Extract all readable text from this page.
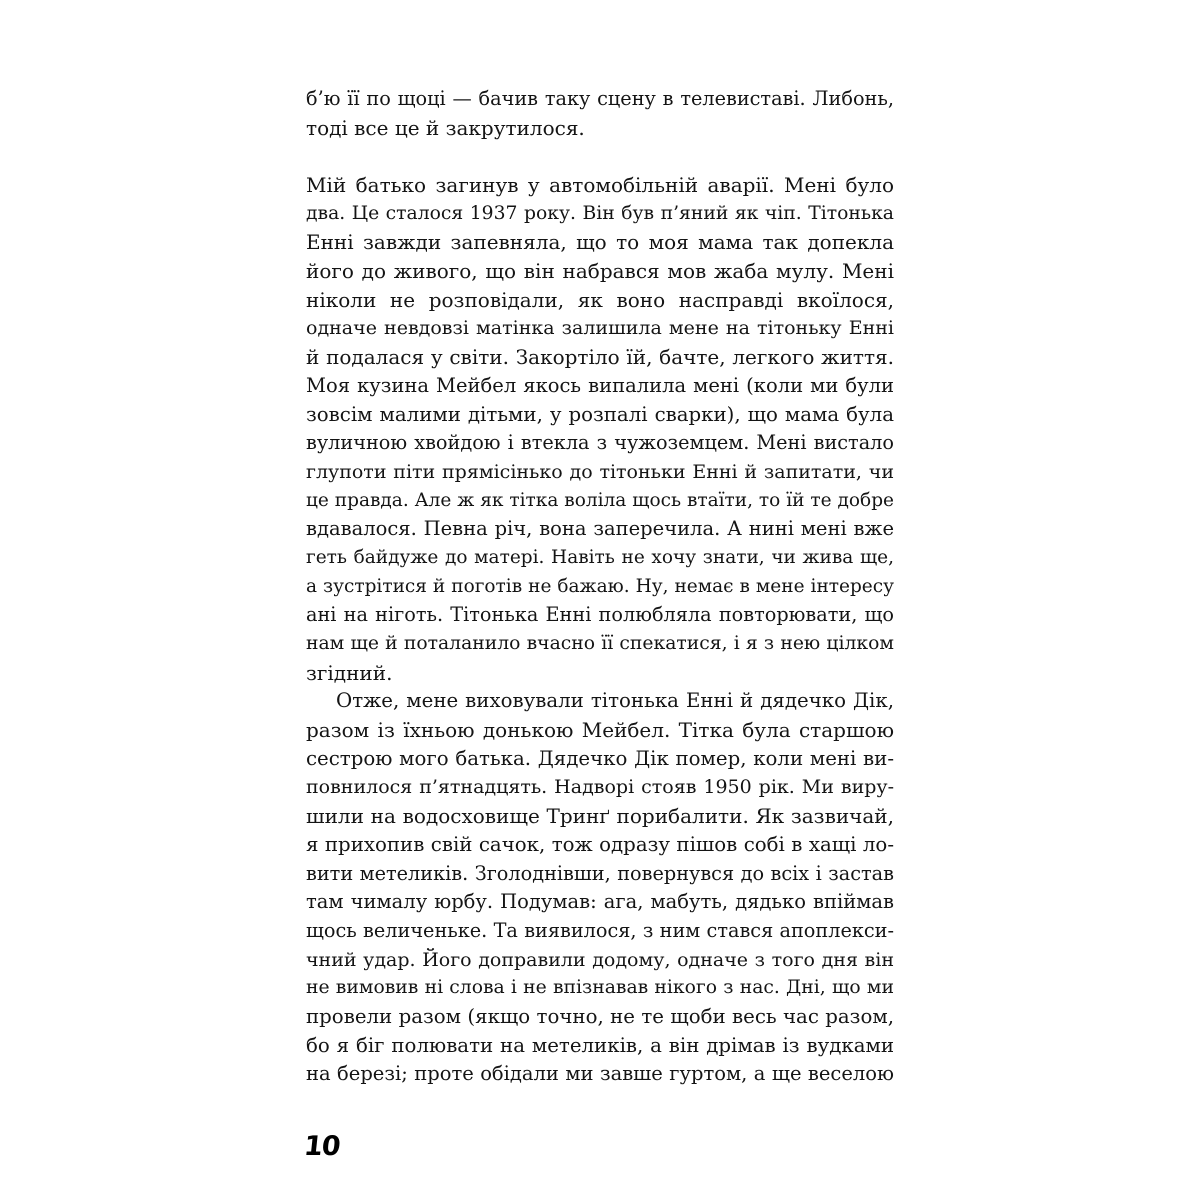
б’ю її по щоці — бачив таку сцену в телевиставі. Либонь,
тоді все це й закрутилося.
Мій батько загинув у автомобільній аварії. Мені було
два. Це сталося 1937 року. Він був п’яний як чіп. Тітонька
Енні завжди запевняла, що то моя мама так допекла
його до живого, що він набрався мов жаба мулу. Мені
ніколи не розповідали, як воно насправді вкоїлося,
одначе невдовзі матінка залишила мене на тітоньку Енні
й подалася у світи. Закортіло їй, бачте, легкого життя.
Моя кузина Мейбел якось випалила мені (коли ми були
зовсім малими дітьми, у розпалі сварки), що мама була
вуличною хвойдою і втекла з чужоземцем. Мені вистало
глупоти піти прямісінько до тітоньки Енні й запитати, чи
це правда. Але ж як тітка воліла щось втаїти, то їй те добре
вдавалося. Певна річ, вона заперечила. А нині мені вже
геть байдуже до матері. Навіть не хочу знати, чи жива ще,
а зустрітися й поготів не бажаю. Ну, немає в мене інтересу
ані на ніготь. Тітонька Енні полюбляла повторювати, що
нам ще й поталанило вчасно її спекатися, і я з нею цілком
згідний.
Отже, мене виховували тітонька Енні й дядечко Дік,
разом із їхньою донькою Мейбел. Тітка була старшою
сестрою мого батька. Дядечко Дік помер, коли мені ви-
повнилося п’ятнадцять. Надворі стояв 1950 рік. Ми виру-
шили на водосховище Тринґ порибалити. Як зазвичай,
я прихопив свій сачок, тож одразу пішов собі в хащі ло-
вити метеликів. Зголоднівши, повернувся до всіх і застав
там чималу юрбу. Подумав: ага, мабуть, дядько впіймав
щось величеньке. Та виявилося, з ним стався апоплекси-
чний удар. Його доправили додому, одначе з того дня він
не вимовив ні слова і не впізнавав нікого з нас. Дні, що ми
провели разом (якщо точно, не те щоби весь час разом,
бо я біг полювати на метеликів, а він дрімав із вудками
на березі; проте обідали ми завше гуртом, а ще веселою
10
